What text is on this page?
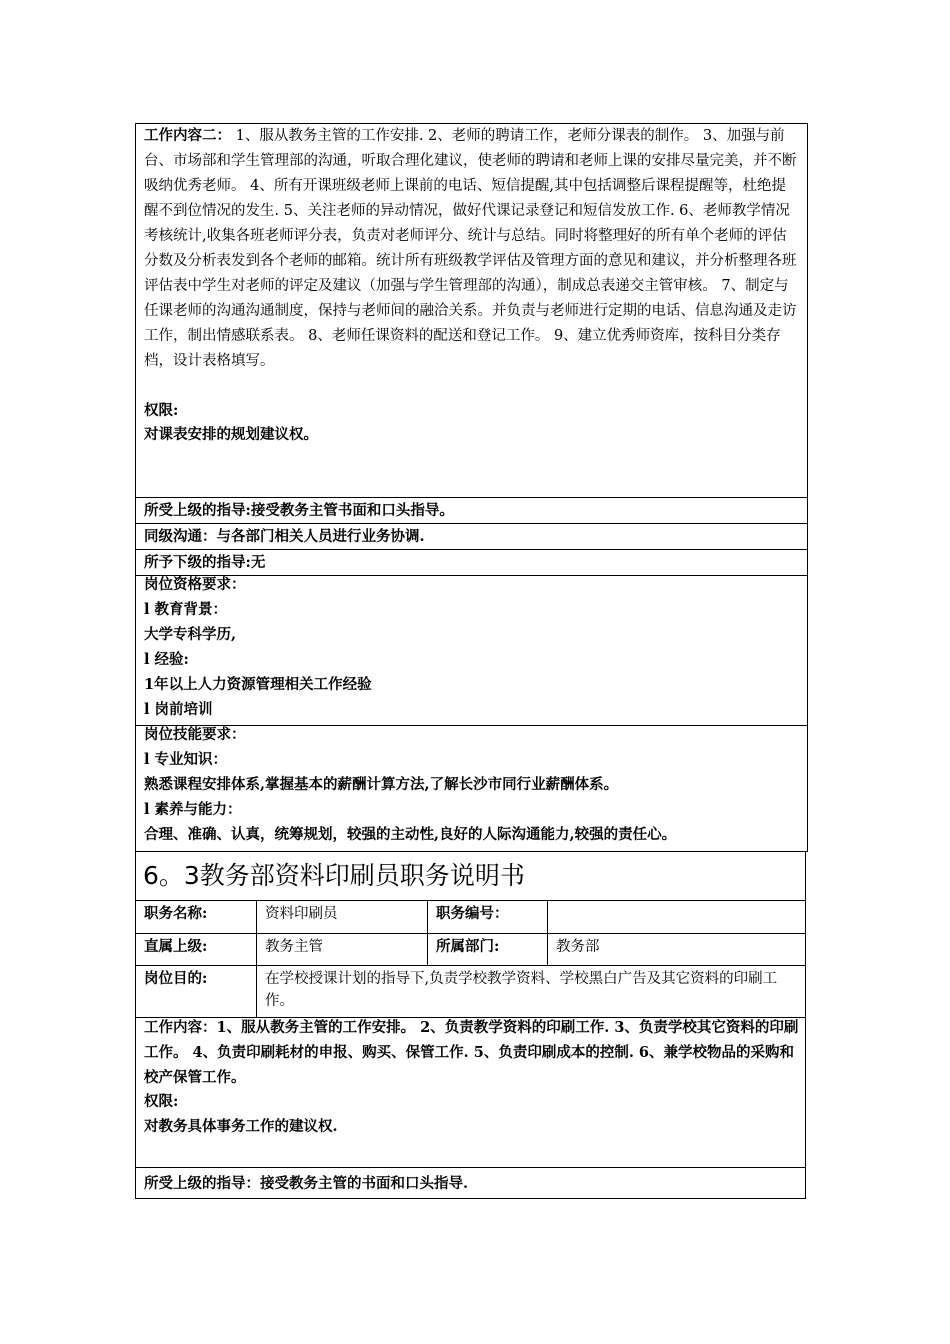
工作内容二： 1、服从教务主管的工作安排. 2、老师的聘请工作，老师分课表的制作。 3、加强与前台、市场部和学生管理部的沟通，听取合理化建议，使老师的聘请和老师上课的安排尽量完美，并不断吸纳优秀老师。 4、所有开课班级老师上课前的电话、短信提醒,其中包括调整后课程提醒等，杜绝提醒不到位情况的发生. 5、关注老师的异动情况，做好代课记录登记和短信发放工作. 6、老师教学情况考核统计,收集各班老师评分表，负责对老师评分、统计与总结。同时将整理好的所有单个老师的评估分数及分析表发到各个老师的邮箱。统计所有班级教学评估及管理方面的意见和建议，并分析整理各班评估表中学生对老师的评定及建议（加强与学生管理部的沟通），制成总表递交主管审核。 7、制定与任课老师的沟通沟通制度，保持与老师间的融洽关系。并负责与老师进行定期的电话、信息沟通及走访工作，制出情感联系表。 8、老师任课资料的配送和登记工作。 9、建立优秀师资库，按科目分类存档，设计表格填写。
权限:
对课表安排的规划建议权。
所受上级的指导:接受教务主管书面和口头指导。
同级沟通：与各部门相关人员进行业务协调.
所予下级的指导:无
岗位资格要求：
l 教育背景：
大学专科学历,
l 经验:
1年以上人力资源管理相关工作经验
l 岗前培训
岗位技能要求：
l 专业知识：
熟悉课程安排体系,掌握基本的薪酬计算方法,了解长沙市同行业薪酬体系。
l 素养与能力：
合理、准确、认真，统筹规划，较强的主动性,良好的人际沟通能力,较强的责任心。
6。3教务部资料印刷员职务说明书
职务名称:	资料印刷员	职务编号：
直属上级:	教务主管	所属部门:	教务部
岗位目的:	在学校授课计划的指导下,负责学校教学资料、学校黑白广告及其它资料的印刷工作。
工作内容：1、服从教务主管的工作安排。 2、负责教学资料的印刷工作. 3、负责学校其它资料的印刷工作。 4、负责印刷耗材的申报、购买、保管工作. 5、负责印刷成本的控制. 6、兼学校物品的采购和校产保管工作。
权限:
对教务具体事务工作的建议权.
所受上级的指导：接受教务主管的书面和口头指导.
